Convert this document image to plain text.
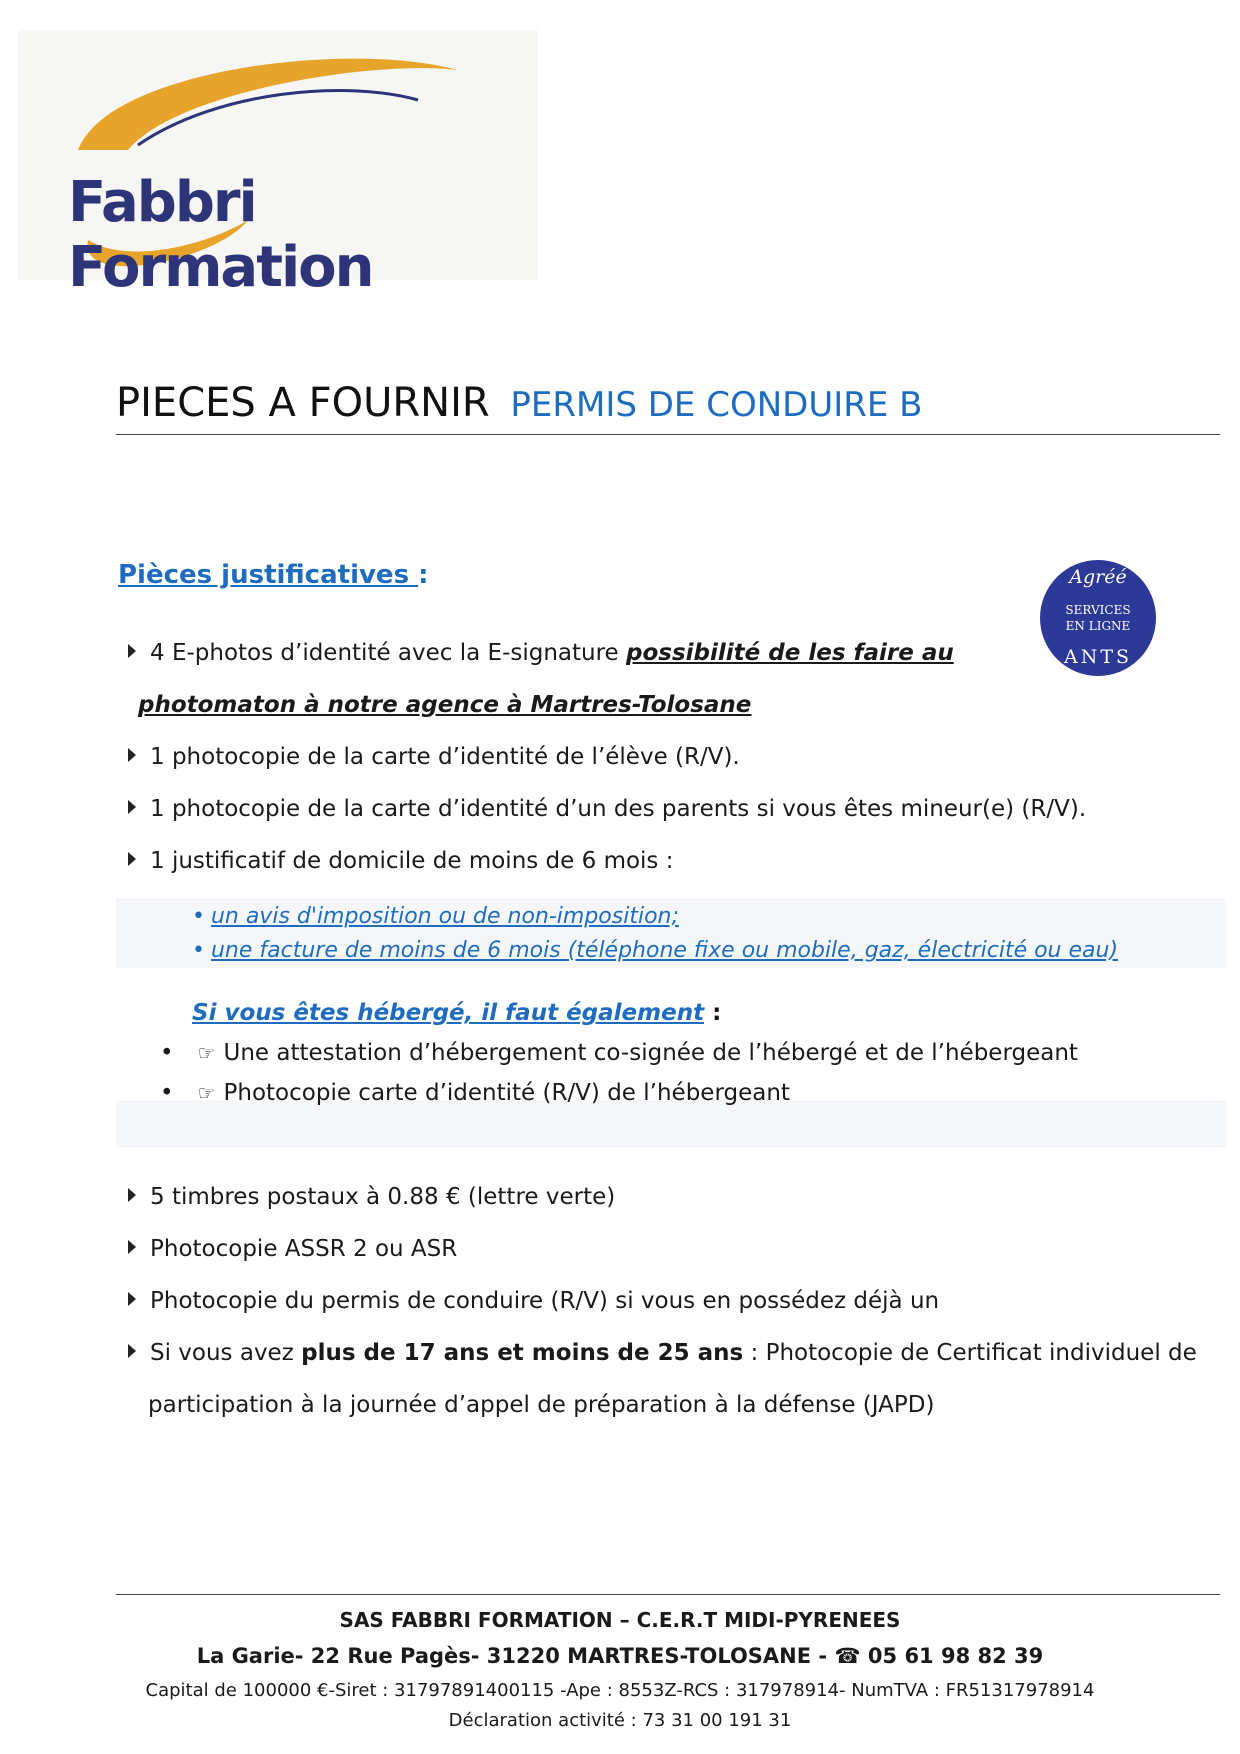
Fabbri Formation
PIECES A FOURNIR PERMIS DE CONDUIRE B
Pièces justificatives :	Agréé
SERVICES
EN LIGNE
ANTS
4 E-photos d’identité avec la E-signature possibilité de les faire au
photomaton à notre agence à Martres-Tolosane
1 photocopie de la carte d’identité de l’élève (R/V).
1 photocopie de la carte d’identité d’un des parents si vous êtes mineur(e) (R/V).
1 justificatif de domicile de moins de 6 mois :
• un avis d'imposition ou de non-imposition;
• une facture de moins de 6 mois (téléphone fixe ou mobile, gaz, électricité ou eau)
Si vous êtes hébergé, il faut également :
• ☞ Une attestation d’hébergement co-signée de l’hébergé et de l’hébergeant
• ☞ Photocopie carte d’identité (R/V) de l’hébergeant
5 timbres postaux à 0.88 € (lettre verte)
Photocopie ASSR 2 ou ASR
Photocopie du permis de conduire (R/V) si vous en possédez déjà un
Si vous avez plus de 17 ans et moins de 25 ans : Photocopie de Certificat individuel de
participation à la journée d’appel de préparation à la défense (JAPD)
SAS FABBRI FORMATION – C.E.R.T MIDI-PYRENEES
La Garie- 22 Rue Pagès- 31220 MARTRES-TOLOSANE - ☎ 05 61 98 82 39
Capital de 100000 €-Siret : 31797891400115 -Ape : 8553Z-RCS : 317978914- NumTVA : FR51317978914
Déclaration activité : 73 31 00 191 31
